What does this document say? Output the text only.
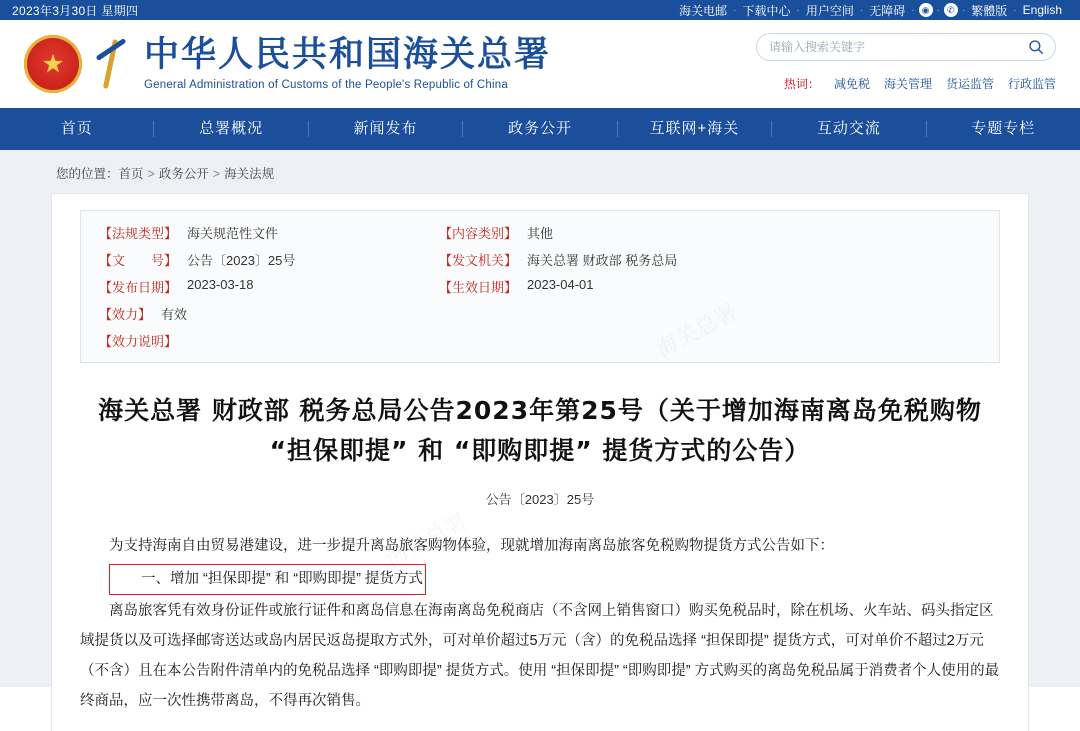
2023年3月30日 星期四	海关电邮 · 下载中心 · 用户空间 · 无障碍 · ◉ · ✆ · 繁體版 · English
★
中华人民共和国海关总署
General Administration of Customs of the People's Republic of China
请输入搜索关键字	热词： 减免税 海关管理 货运监管 行政监管
首页	总署概况	新闻发布	政务公开	互联网+海关	互动交流	专题专栏
您的位置：首页 > 政务公开 > 海关法规
【法规类型】 海关规范性文件	【内容类别】 其他
【文　　号】 公告〔2023〕25号	【发文机关】 海关总署 财政部 税务总局
【发布日期】 2023-03-18	【生效日期】 2023-04-01
【效力】 有效
【效力说明】
海关总署 财政部 税务总局公告2023年第25号（关于增加海南离岛免税购物 “担保即提” 和 “即购即提” 提货方式的公告）
公告〔2023〕25号

为支持海南自由贸易港建设，进一步提升离岛旅客购物体验，现就增加海南离岛旅客免税购物提货方式公告如下：

一、增加 “担保即提” 和 “即购即提” 提货方式

离岛旅客凭有效身份证件或旅行证件和离岛信息在海南离岛免税商店（不含网上销售窗口）购买免税品时，除在机场、火车站、码头指定区域提货以及可选择邮寄送达或岛内居民返岛提取方式外，可对单价超过5万元（含）的免税品选择 “担保即提” 提货方式，可对单价不超过2万元（不含）且在本公告附件清单内的免税品选择 “即购即提” 提货方式。使用 “担保即提” “即购即提” 方式购买的离岛免税品属于消费者个人使用的最终商品，应一次性携带离岛，不得再次销售。
